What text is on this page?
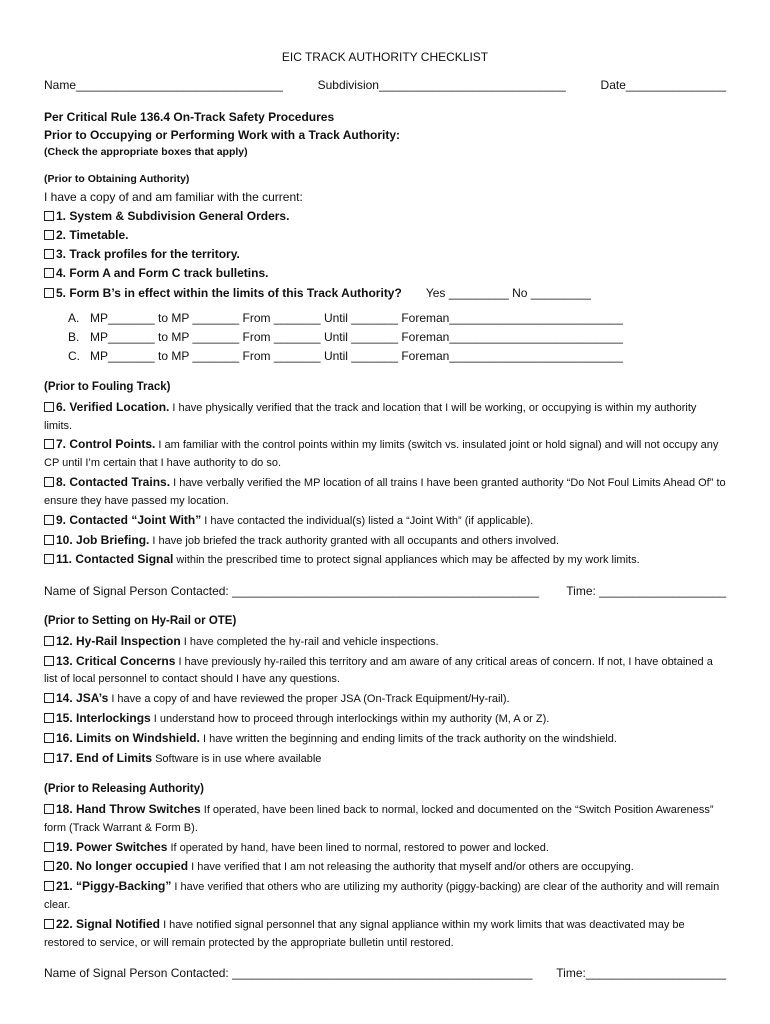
EIC TRACK AUTHORITY CHECKLIST
Name_______________________________	Subdivision____________________________	Date_______________
Per Critical Rule 136.4 On-Track Safety Procedures
Prior to Occupying or Performing Work with a Track Authority:
(Check the appropriate boxes that apply)
(Prior to Obtaining Authority)
I have a copy of and am familiar with the current:
1. System & Subdivision General Orders.
2. Timetable.
3. Track profiles for the territory.
4. Form A and Form C track bulletins.
5. Form B’s in effect within the limits of this Track Authority? Yes _________ No _________
A. MP_______ to MP _______ From _______ Until _______ Foreman__________________________
B. MP_______ to MP _______ From _______ Until _______ Foreman__________________________
C. MP_______ to MP _______ From _______ Until _______ Foreman__________________________
(Prior to Fouling Track)
6. Verified Location. I have physically verified that the track and location that I will be working, or occupying is within my authority limits.
7. Control Points. I am familiar with the control points within my limits (switch vs. insulated joint or hold signal) and will not occupy any CP until I’m certain that I have authority to do so.
8. Contacted Trains. I have verbally verified the MP location of all trains I have been granted authority “Do Not Foul Limits Ahead Of” to ensure they have passed my location.
9. Contacted “Joint With” I have contacted the individual(s) listed a “Joint With” (if applicable).
10. Job Briefing. I have job briefed the track authority granted with all occupants and others involved.
11. Contacted Signal within the prescribed time to protect signal appliances which may be affected by my work limits.
Name of Signal Person Contacted: ______________________________________________ Time: ___________________
(Prior to Setting on Hy-Rail or OTE)
12. Hy-Rail Inspection I have completed the hy-rail and vehicle inspections.
13. Critical Concerns I have previously hy-railed this territory and am aware of any critical areas of concern. If not, I have obtained a list of local personnel to contact should I have any questions.
14. JSA’s I have a copy of and have reviewed the proper JSA (On-Track Equipment/Hy-rail).
15. Interlockings I understand how to proceed through interlockings within my authority (M, A or Z).
16. Limits on Windshield. I have written the beginning and ending limits of the track authority on the windshield.
17. End of Limits Software is in use where available
(Prior to Releasing Authority)
18. Hand Throw Switches If operated, have been lined back to normal, locked and documented on the “Switch Position Awareness” form (Track Warrant & Form B).
19. Power Switches If operated by hand, have been lined to normal, restored to power and locked.
20. No longer occupied I have verified that I am not releasing the authority that myself and/or others are occupying.
21. “Piggy-Backing” I have verified that others who are utilizing my authority (piggy-backing) are clear of the authority and will remain clear.
22. Signal Notified I have notified signal personnel that any signal appliance within my work limits that was deactivated may be restored to service, or will remain protected by the appropriate bulletin until restored.
Name of Signal Person Contacted: _____________________________________________ Time:_____________________
